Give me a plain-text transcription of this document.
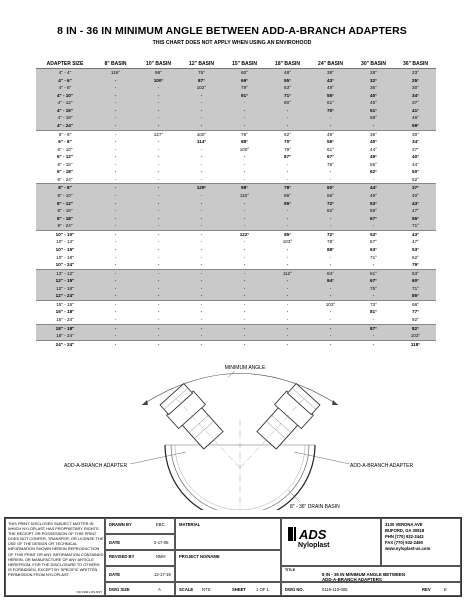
8 IN - 36 IN MINIMUM ANGLE BETWEEN ADD-A-BRANCH ADAPTERS
THIS CHART DOES NOT APPLY WHEN USING AN ENVIROHOOD
ADAPTER SIZE	8" BASIN	10" BASIN	12" BASIN	15" BASIN	18" BASIN	24" BASIN	30" BASIN	36" BASIN
4" - 4"	119°	96°	75°	60°	48°	38°	28°	23°
4" - 6"	-	100°	87°	69°	55°	43°	32°	25°
4" - 8"	-	-	102°	79°	63°	49°	36°	30°
4" - 10"	-	-	-	91°	71°	55°	40°	34°
4" - 12"	-	-	-	-	80°	61°	45°	37°
4" - 15"	-	-	-	-	-	70°	51°	41°
4" - 18"	-	-	-	-	-	-	58°	46°
4" - 24"	-	-	-	-	-	-	-	59°
6" - 6"	-	127°	100°	78°	62°	49°	36°	30°
6" - 8"	-	-	114°	88°	70°	55°	40°	34°
6" - 10"	-	-	-	100°	79°	61°	44°	37°
6" - 12"	-	-	-	-	87°	67°	49°	40°
6" - 15"	-	-	-	-	-	76°	55°	44°
6" - 18"	-	-	-	-	-	-	62°	50°
6" - 24"	-	-	-	-	-	-	-	62°
8" - 8"	-	-	129°	98°	78°	60°	44°	37°
8" - 10"	-	-	-	110°	86°	66°	49°	40°
8" - 12"	-	-	-	-	95°	72°	53°	43°
8" - 15"	-	-	-	-	-	82°	59°	47°
8" - 18"	-	-	-	-	-	-	67°	55°
8" - 24"	-	-	-	-	-	-	-	71°
10" - 10"	-	-	-	122°	95°	72°	53°	43°
10" - 12"	-	-	-	-	103°	78°	57°	47°
10" - 15"	-	-	-	-	-	88°	63°	53°
10" - 18"	-	-	-	-	-	-	71°	62°
10" - 24"	-	-	-	-	-	-	-	79°
12" - 12"	-	-	-	-	112°	84°	61°	53°
12" - 15"	-	-	-	-	-	94°	67°	60°
12" - 18"	-	-	-	-	-	-	75°	71°
12" - 24"	-	-	-	-	-	-	-	85°
15" - 15"	-	-	-	-	-	103°	73°	68°
15" - 18"	-	-	-	-	-	-	81°	77°
15" - 24"	-	-	-	-	-	-	-	92°
18" - 18"	-	-	-	-	-	-	87°	82°
18" - 24"	-	-	-	-	-	-	-	103°
24" - 24"	-	-	-	-	-	-	-	118°
MINIMUM ANGLE
ADD-A-BRANCH ADAPTER	ADD-A-BRANCH ADAPTER
8" - 36" DRAIN BASIN
THIS PRINT DISCLOSES SUBJECT MATTER IN WHICH NYLOPLAST HAS PROPRIETARY RIGHTS. THE RECEIPT OR POSSESSION OF THIS PRINT DOES NOT CONFER, TRANSFER, OR LICENSE THE USE OF THE DESIGN OR TECHNICAL INFORMATION SHOWN HEREIN REPRODUCTION OF THIS PRINT OR ANY INFORMATION CONTAINED HEREIN, OR MANUFACTURE OF ANY ARTICLE HEREFROM, FOR THE DISCLOSURE TO OTHERS IS FORBIDDEN, EXCEPT BY SPECIFIC WRITTEN PERMISSION FROM NYLOPLAST.
ND 0349 LOS.NST
DRAWN BY	EBC
DATE	2-17-05
MATERIAL
REVISED BY	NMH
DATE	12-17-19
PROJECT NO/NAME
ADS
Nyloplast
3130 VERONA AVE
BUFORD, GA 30518
PHN (770) 932-2443
FAX (770) 932-2490
www.nyloplast-us.com
TITLE
8 IN - 36 IN MINIMUM ANGLE BETWEEN
ADD-A-BRANCH ADAPTERS
DWG SIZE	A	SCALE NTS	SHEET 1 OF 1	DWG NO.	0119-110-005	REV	E
